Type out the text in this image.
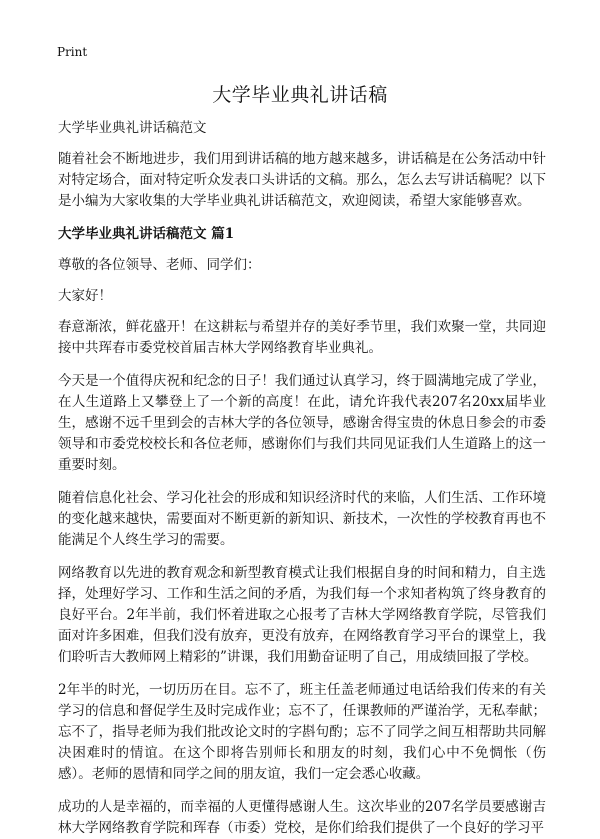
Print
大学毕业典礼讲话稿

大学毕业典礼讲话稿范文

随着社会不断地进步，我们用到讲话稿的地方越来越多，讲话稿是在公务活动中针对特定场合，面对特定听众发表口头讲话的文稿。那么，怎么去写讲话稿呢？以下是小编为大家收集的大学毕业典礼讲话稿范文，欢迎阅读，希望大家能够喜欢。

大学毕业典礼讲话稿范文 篇1

尊敬的各位领导、老师、同学们：

大家好！

春意渐浓，鲜花盛开！在这耕耘与希望并存的美好季节里，我们欢聚一堂，共同迎接中共珲春市委党校首届吉林大学网络教育毕业典礼。

今天是一个值得庆祝和纪念的日子！我们通过认真学习，终于圆满地完成了学业，在人生道路上又攀登上了一个新的高度！在此，请允许我代表207名20xx届毕业生，感谢不远千里到会的吉林大学的各位领导，感谢舍得宝贵的休息日参会的市委领导和市委党校校长和各位老师，感谢你们与我们共同见证我们人生道路上的这一重要时刻。

随着信息化社会、学习化社会的形成和知识经济时代的来临，人们生活、工作环境的变化越来越快，需要面对不断更新的新知识、新技术，一次性的学校教育再也不能满足个人终生学习的需要。

网络教育以先进的教育观念和新型教育模式让我们根据自身的时间和精力，自主选择，处理好学习、工作和生活之间的矛盾，为我们每一个求知者构筑了终身教育的良好平台。2年半前，我们怀着进取之心报考了吉林大学网络教育学院，尽管我们面对许多困难，但我们没有放弃，更没有放弃，在网络教育学习平台的课堂上，我们聆听吉大教师网上精彩的”讲课，我们用勤奋证明了自己，用成绩回报了学校。

2年半的时光，一切历历在目。忘不了，班主任盖老师通过电话给我们传来的有关学习的信息和督促学生及时完成作业；忘不了，任课教师的严谨治学，无私奉献；忘不了，指导老师为我们批改论文时的字斟句酌；忘不了同学之间互相帮助共同解决困难时的情谊。在这个即将告别师长和朋友的时刻，我们心中不免惆怅（伤感）。老师的恩情和同学之间的朋友谊，我们一定会悉心收藏。

成功的人是幸福的，而幸福的人更懂得感谢人生。这次毕业的207名学员要感谢吉林大学网络教育学院和珲春（市委）党校，是你们给我们提供了一个良好的学习平
